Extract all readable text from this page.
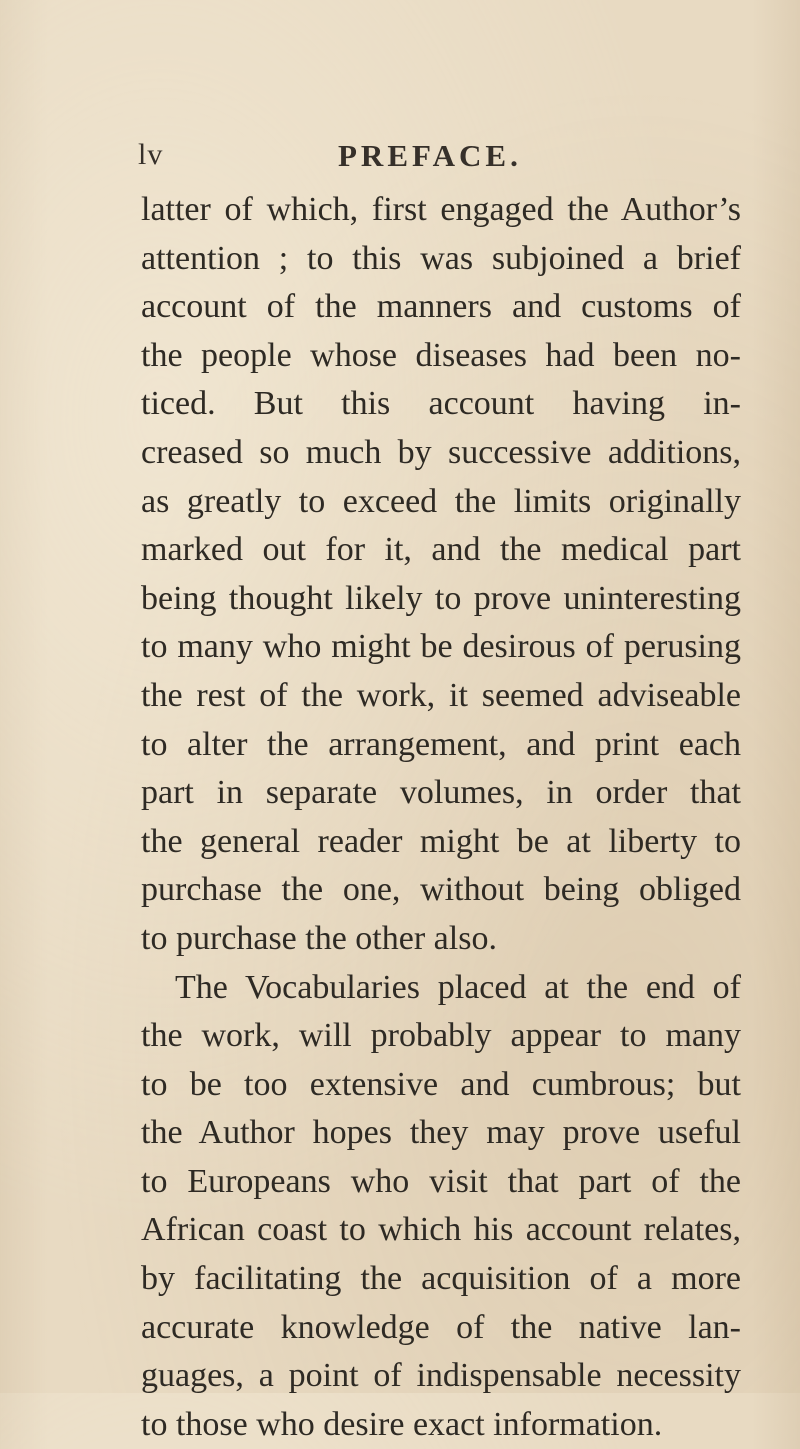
lv	PREFACE.
latter of which, first engaged the Author’s
attention ; to this was subjoined a brief
account of the manners and customs of
the people whose diseases had been no-
ticed. But this account having in-
creased so much by successive additions,
as greatly to exceed the limits originally
marked out for it, and the medical part
being thought likely to prove uninteresting
to many who might be desirous of perusing
the rest of the work, it seemed adviseable
to alter the arrangement, and print each
part in separate volumes, in order that
the general reader might be at liberty to
purchase the one, without being obliged
to purchase the other also.
The Vocabularies placed at the end of
the work, will probably appear to many
to be too extensive and cumbrous; but
the Author hopes they may prove useful
to Europeans who visit that part of the
African coast to which his account relates,
by facilitating the acquisition of a more
accurate knowledge of the native lan-
guages, a point of indispensable necessity
to those who desire exact information.
